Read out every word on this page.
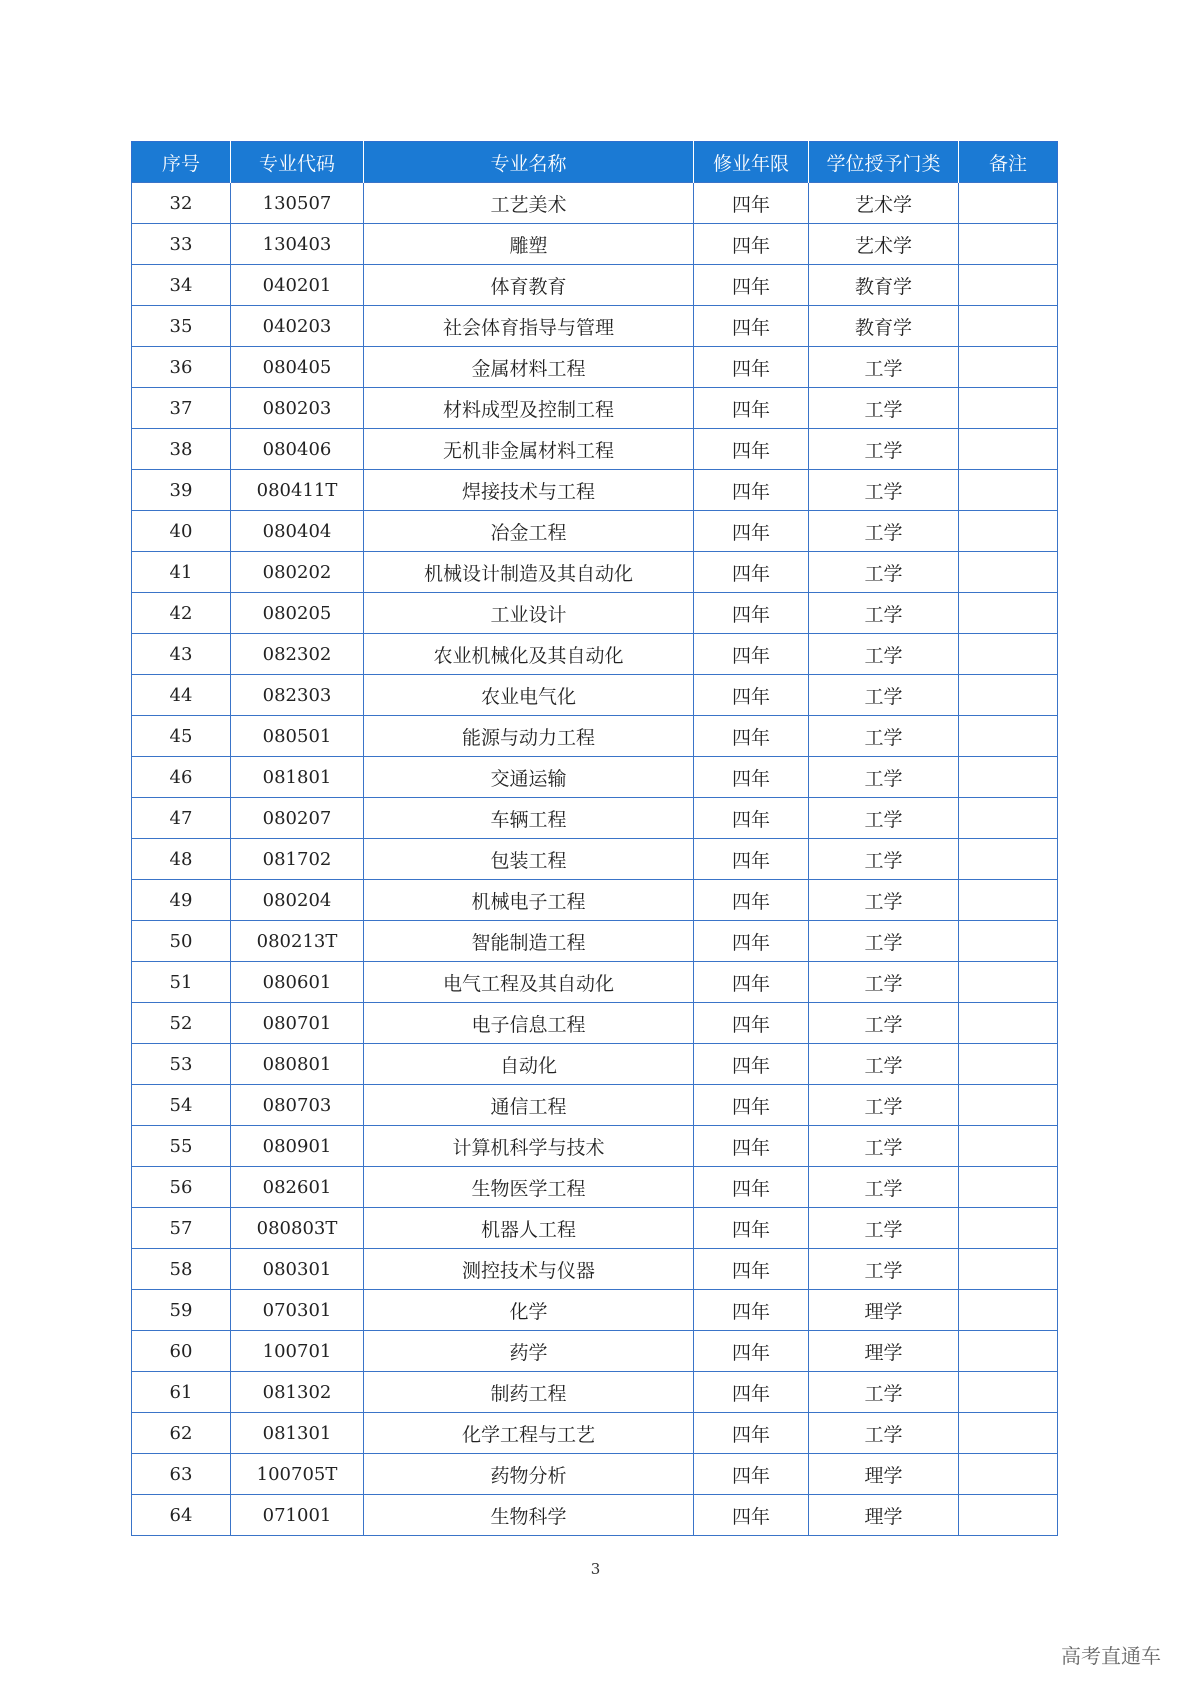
序号	专业代码	专业名称	修业年限	学位授予门类	备注
32	130507	工艺美术	四年	艺术学	
33	130403	雕塑	四年	艺术学	
34	040201	体育教育	四年	教育学	
35	040203	社会体育指导与管理	四年	教育学	
36	080405	金属材料工程	四年	工学	
37	080203	材料成型及控制工程	四年	工学	
38	080406	无机非金属材料工程	四年	工学	
39	080411T	焊接技术与工程	四年	工学	
40	080404	冶金工程	四年	工学	
41	080202	机械设计制造及其自动化	四年	工学	
42	080205	工业设计	四年	工学	
43	082302	农业机械化及其自动化	四年	工学	
44	082303	农业电气化	四年	工学	
45	080501	能源与动力工程	四年	工学	
46	081801	交通运输	四年	工学	
47	080207	车辆工程	四年	工学	
48	081702	包装工程	四年	工学	
49	080204	机械电子工程	四年	工学	
50	080213T	智能制造工程	四年	工学	
51	080601	电气工程及其自动化	四年	工学	
52	080701	电子信息工程	四年	工学	
53	080801	自动化	四年	工学	
54	080703	通信工程	四年	工学	
55	080901	计算机科学与技术	四年	工学	
56	082601	生物医学工程	四年	工学	
57	080803T	机器人工程	四年	工学	
58	080301	测控技术与仪器	四年	工学	
59	070301	化学	四年	理学	
60	100701	药学	四年	理学	
61	081302	制药工程	四年	工学	
62	081301	化学工程与工艺	四年	工学	
63	100705T	药物分析	四年	理学	
64	071001	生物科学	四年	理学	
3
高考直通车
